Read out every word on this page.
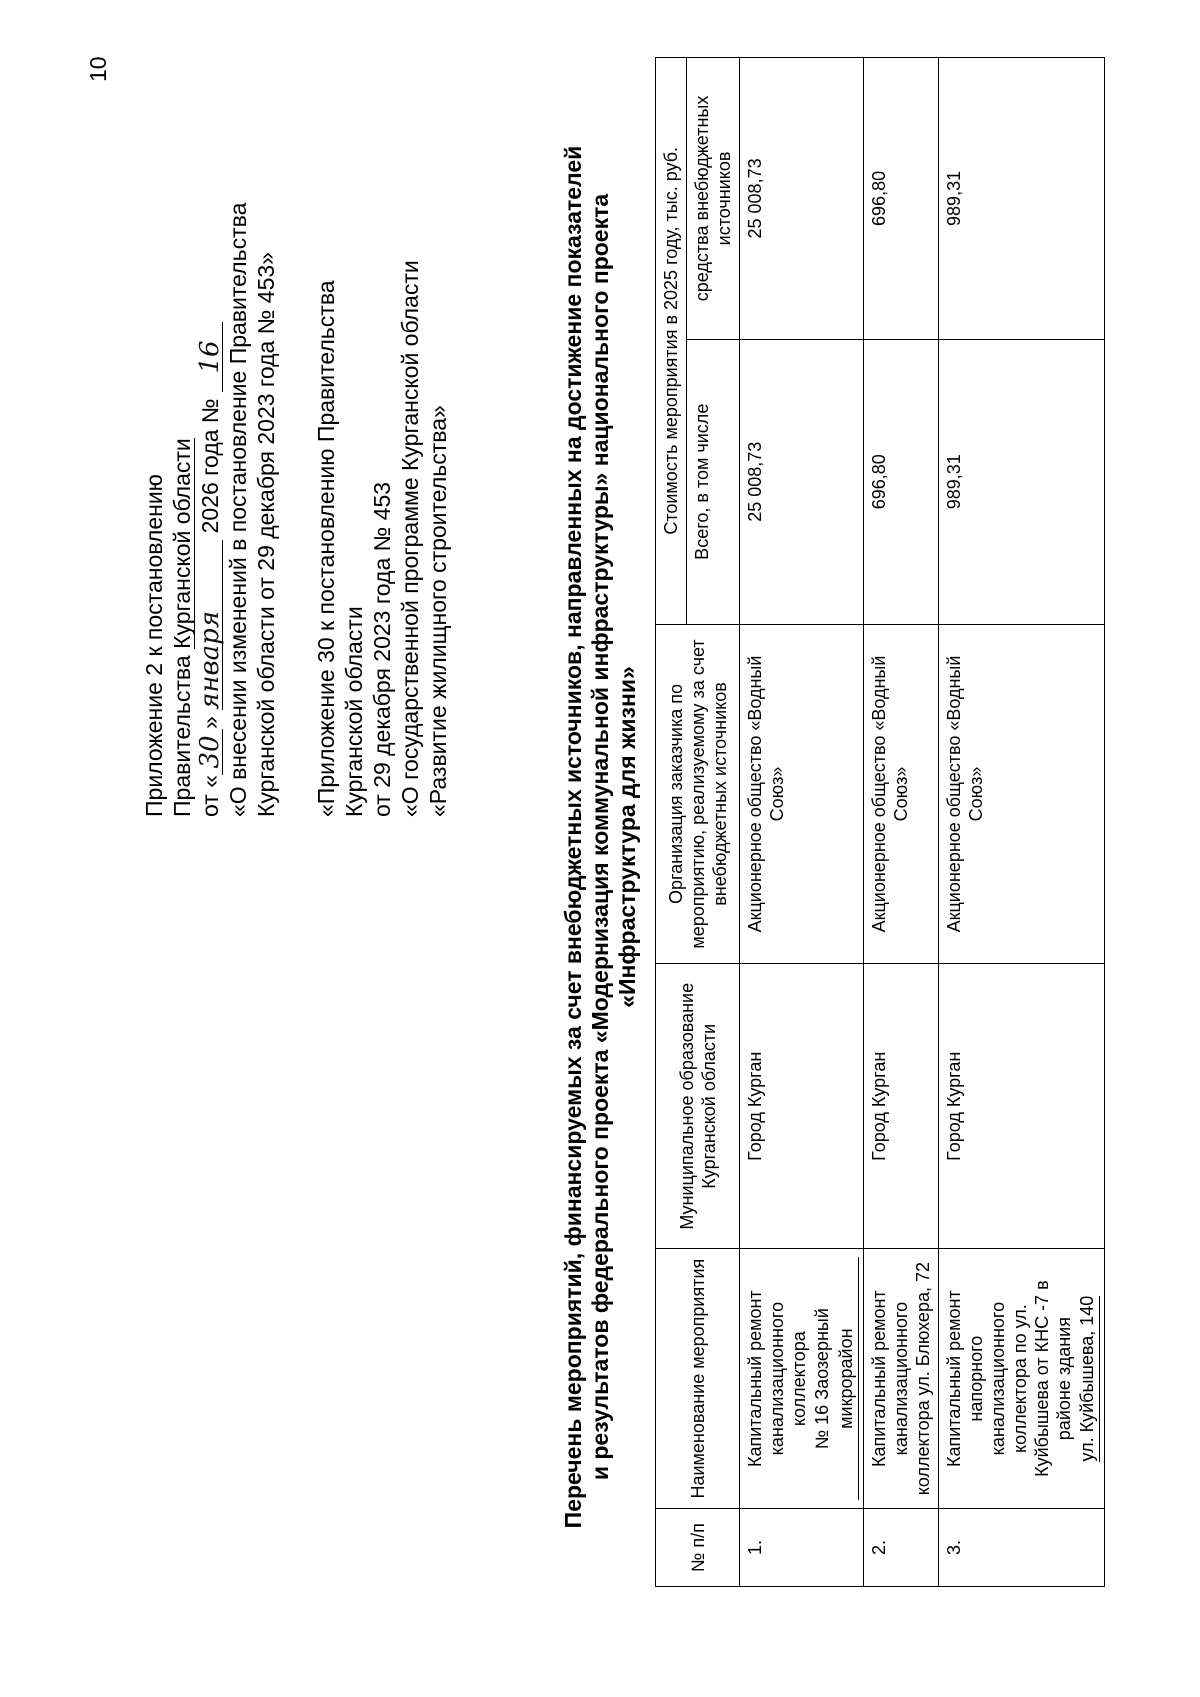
10
Приложение 2 к постановлению Правительства Курганской области
от «30» января 2026 года № 16 «О внесении изменений в постановление Правительства Курганской области от 29 декабря 2023 года № 453» «Приложение 30 к постановлению Правительства Курганской области от 29 декабря 2023 года № 453 «О государственной программе Курганской области «Развитие жилищного строительства»	Перечень мероприятий, финансируемых за счет внебюджетных источников, направленных на достижение показателей и результатов федерального проекта «Модернизация коммунальной инфраструктуры» национального проекта «Инфраструктура для жизни»
№ п/п	Наименование мероприятия	Муниципальное образование Курганской области	Организация заказчика по мероприятию, реализуемому за счет внебюджетных источников	Стоимость мероприятия в 2025 году, тыс. руб.	
				Всего, в том числе	средства внебюджетных источников
1.	Капитальный ремонт канализационного коллектора № 16 Заозерный микрорайон	Город Курган	Акционерное общество «Водный Союз»	25 008,73	25 008,73
2.	Капитальный ремонт канализационного коллектора ул. Блюхера, 72	Город Курган	Акционерное общество «Водный Союз»	696,80	696,80
3.	Капитальный ремонт напорного канализационного коллектора по ул. Куйбышева от КНС -7 в районе здания ул. Куйбышева, 140	Город Курган	Акционерное общество «Водный Союз»	989,31	989,31
